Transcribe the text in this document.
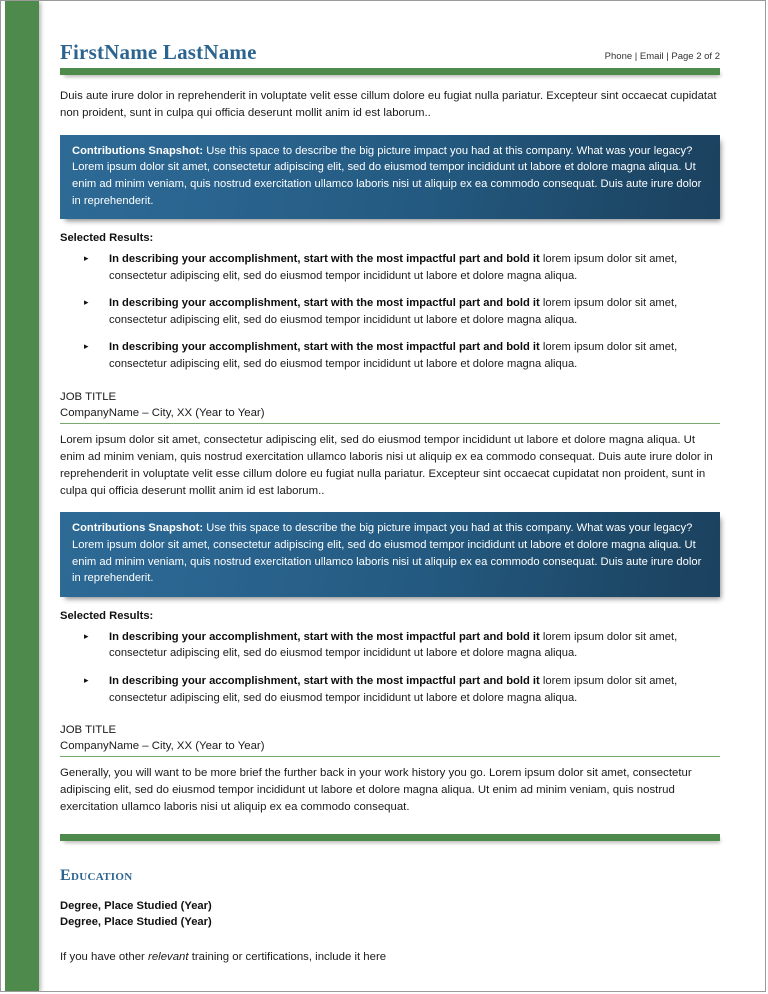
FirstName LastName	Phone | Email | Page 2 of 2
Duis aute irure dolor in reprehenderit in voluptate velit esse cillum dolore eu fugiat nulla pariatur. Excepteur sint occaecat cupidatat non proident, sunt in culpa qui officia deserunt mollit anim id est laborum..
Contributions Snapshot: Use this space to describe the big picture impact you had at this company. What was your legacy? Lorem ipsum dolor sit amet, consectetur adipiscing elit, sed do eiusmod tempor incididunt ut labore et dolore magna aliqua. Ut enim ad minim veniam, quis nostrud exercitation ullamco laboris nisi ut aliquip ex ea commodo consequat. Duis aute irure dolor in reprehenderit.
Selected Results:
▸	In describing your accomplishment, start with the most impactful part and bold it lorem ipsum dolor sit amet, consectetur adipiscing elit, sed do eiusmod tempor incididunt ut labore et dolore magna aliqua.
▸	In describing your accomplishment, start with the most impactful part and bold it lorem ipsum dolor sit amet, consectetur adipiscing elit, sed do eiusmod tempor incididunt ut labore et dolore magna aliqua.
▸	In describing your accomplishment, start with the most impactful part and bold it lorem ipsum dolor sit amet, consectetur adipiscing elit, sed do eiusmod tempor incididunt ut labore et dolore magna aliqua.
JOB TITLE
CompanyName – City, XX (Year to Year)
Lorem ipsum dolor sit amet, consectetur adipiscing elit, sed do eiusmod tempor incididunt ut labore et dolore magna aliqua. Ut enim ad minim veniam, quis nostrud exercitation ullamco laboris nisi ut aliquip ex ea commodo consequat. Duis aute irure dolor in reprehenderit in voluptate velit esse cillum dolore eu fugiat nulla pariatur. Excepteur sint occaecat cupidatat non proident, sunt in culpa qui officia deserunt mollit anim id est laborum..
Contributions Snapshot: Use this space to describe the big picture impact you had at this company. What was your legacy? Lorem ipsum dolor sit amet, consectetur adipiscing elit, sed do eiusmod tempor incididunt ut labore et dolore magna aliqua. Ut enim ad minim veniam, quis nostrud exercitation ullamco laboris nisi ut aliquip ex ea commodo consequat. Duis aute irure dolor in reprehenderit.
Selected Results:
▸	In describing your accomplishment, start with the most impactful part and bold it lorem ipsum dolor sit amet, consectetur adipiscing elit, sed do eiusmod tempor incididunt ut labore et dolore magna aliqua.
▸	In describing your accomplishment, start with the most impactful part and bold it lorem ipsum dolor sit amet, consectetur adipiscing elit, sed do eiusmod tempor incididunt ut labore et dolore magna aliqua.
JOB TITLE
CompanyName – City, XX (Year to Year)
Generally, you will want to be more brief the further back in your work history you go. Lorem ipsum dolor sit amet, consectetur adipiscing elit, sed do eiusmod tempor incididunt ut labore et dolore magna aliqua. Ut enim ad minim veniam, quis nostrud exercitation ullamco laboris nisi ut aliquip ex ea commodo consequat.
Education
Degree, Place Studied (Year)
Degree, Place Studied (Year)
If you have other relevant training or certifications, include it here
